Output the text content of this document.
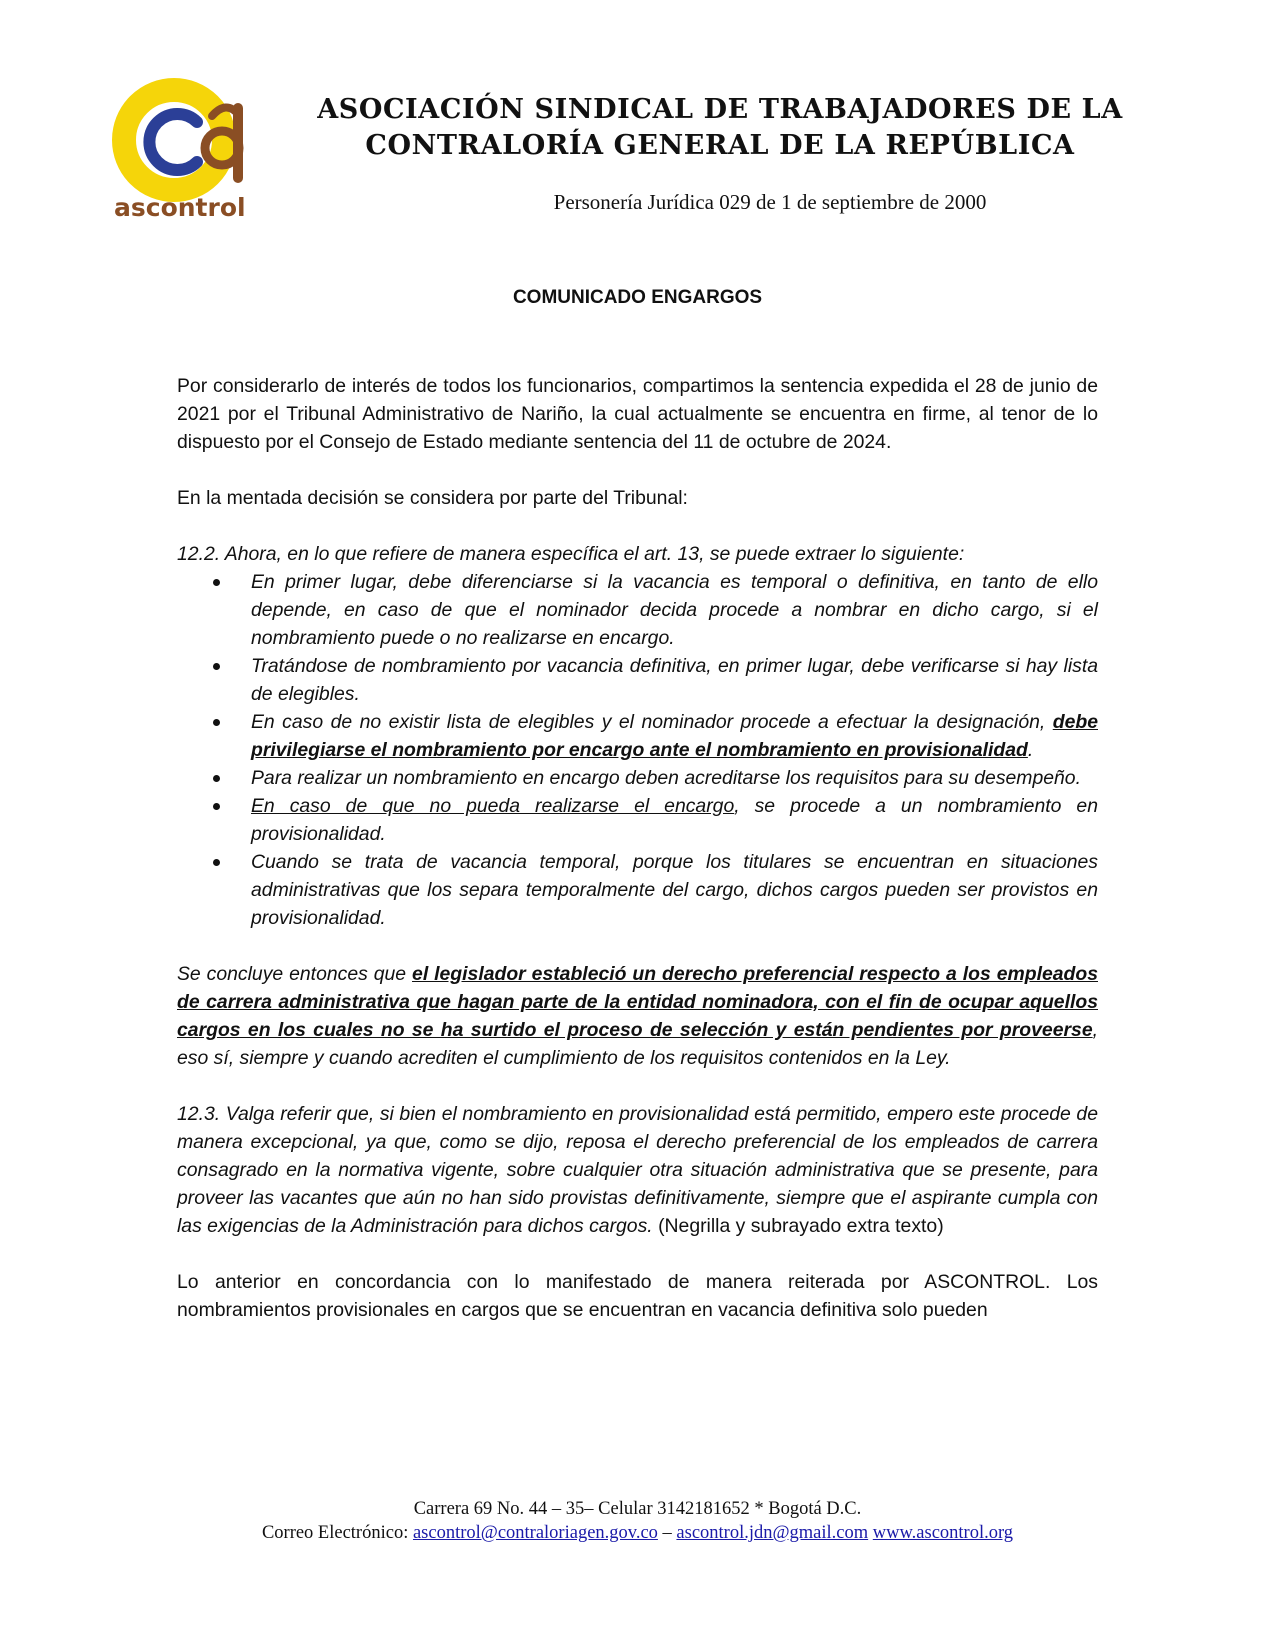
ascontrol
ASOCIACIÓN SINDICAL DE TRABAJADORES DE LA
CONTRALORÍA GENERAL DE LA REPÚBLICA

Personería Jurídica 029 de 1 de septiembre de 2000

COMUNICADO ENGARGOS

Por considerarlo de interés de todos los funcionarios, compartimos la sentencia expedida el 28 de junio de 2021 por el Tribunal Administrativo de Nariño, la cual actualmente se encuentra en firme, al tenor de lo dispuesto por el Consejo de Estado mediante sentencia del 11 de octubre de 2024.

En la mentada decisión se considera por parte del Tribunal:

12.2. Ahora, en lo que refiere de manera específica el art. 13, se puede extraer lo siguiente:

En primer lugar, debe diferenciarse si la vacancia es temporal o definitiva, en tanto de ello depende, en caso de que el nominador decida procede a nombrar en dicho cargo, si el nombramiento puede o no realizarse en encargo.
Tratándose de nombramiento por vacancia definitiva, en primer lugar, debe verificarse si hay lista de elegibles.
En caso de no existir lista de elegibles y el nominador procede a efectuar la designación, debe privilegiarse el nombramiento por encargo ante el nombramiento en provisionalidad.
Para realizar un nombramiento en encargo deben acreditarse los requisitos para su desempeño.
En caso de que no pueda realizarse el encargo, se procede a un nombramiento en provisionalidad.
Cuando se trata de vacancia temporal, porque los titulares se encuentran en situaciones administrativas que los separa temporalmente del cargo, dichos cargos pueden ser provistos en provisionalidad.

Se concluye entonces que el legislador estableció un derecho preferencial respecto a los empleados de carrera administrativa que hagan parte de la entidad nominadora, con el fin de ocupar aquellos cargos en los cuales no se ha surtido el proceso de selección y están pendientes por proveerse, eso sí, siempre y cuando acrediten el cumplimiento de los requisitos contenidos en la Ley.

12.3. Valga referir que, si bien el nombramiento en provisionalidad está permitido, empero este procede de manera excepcional, ya que, como se dijo, reposa el derecho preferencial de los empleados de carrera consagrado en la normativa vigente, sobre cualquier otra situación administrativa que se presente, para proveer las vacantes que aún no han sido provistas definitivamente, siempre que el aspirante cumpla con las exigencias de la Administración para dichos cargos. (Negrilla y subrayado extra texto)

Lo anterior en concordancia con lo manifestado de manera reiterada por ASCONTROL. Los nombramientos provisionales en cargos que se encuentran en vacancia definitiva solo pueden

Carrera 69 No. 44 – 35– Celular 3142181652 * Bogotá D.C.
Correo Electrónico: ascontrol@contraloriagen.gov.co – ascontrol.jdn@gmail.com www.ascontrol.org
